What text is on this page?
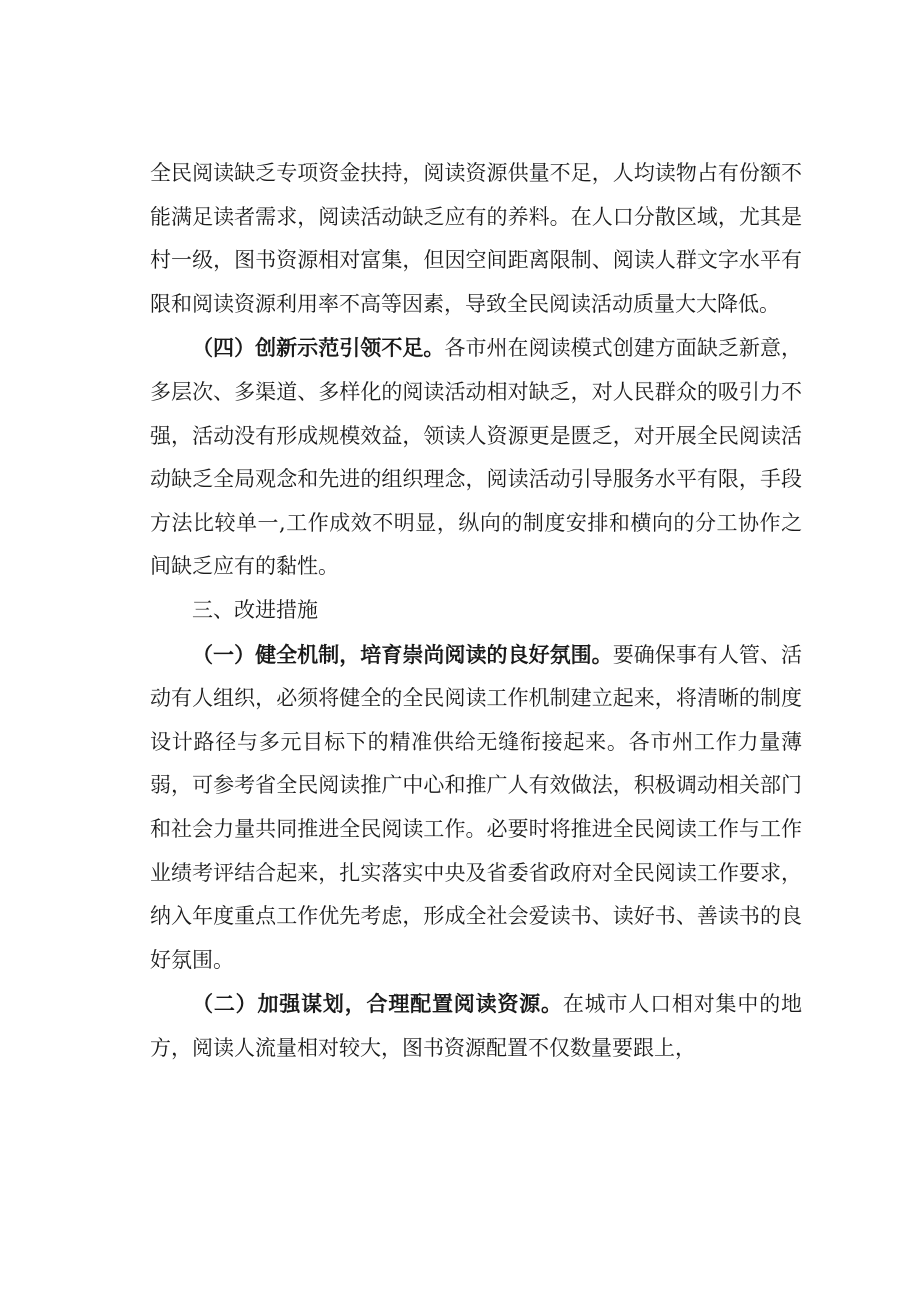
全民阅读缺乏专项资金扶持，阅读资源供量不足，人均读物占有份额不能满足读者需求，阅读活动缺乏应有的养料。在人口分散区域，尤其是村一级，图书资源相对富集，但因空间距离限制、阅读人群文字水平有限和阅读资源利用率不高等因素，导致全民阅读活动质量大大降低。

（四）创新示范引领不足。各市州在阅读模式创建方面缺乏新意，多层次、多渠道、多样化的阅读活动相对缺乏，对人民群众的吸引力不强，活动没有形成规模效益，领读人资源更是匮乏，对开展全民阅读活动缺乏全局观念和先进的组织理念，阅读活动引导服务水平有限，手段方法比较单一,工作成效不明显，纵向的制度安排和横向的分工协作之间缺乏应有的黏性。

三、改进措施

（一）健全机制，培育崇尚阅读的良好氛围。要确保事有人管、活动有人组织，必须将健全的全民阅读工作机制建立起来，将清晰的制度设计路径与多元目标下的精准供给无缝衔接起来。各市州工作力量薄弱，可参考省全民阅读推广中心和推广人有效做法，积极调动相关部门和社会力量共同推进全民阅读工作。必要时将推进全民阅读工作与工作业绩考评结合起来，扎实落实中央及省委省政府对全民阅读工作要求，纳入年度重点工作优先考虑，形成全社会爱读书、读好书、善读书的良好氛围。

（二）加强谋划，合理配置阅读资源。在城市人口相对集中的地方，阅读人流量相对较大，图书资源配置不仅数量要跟上，
